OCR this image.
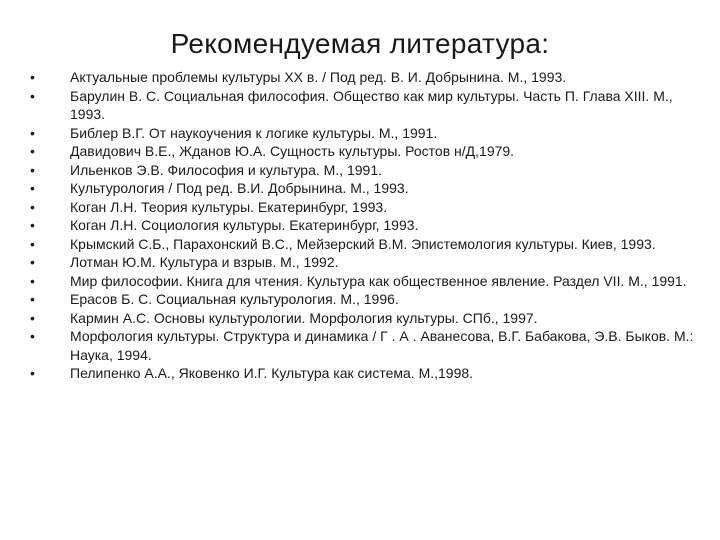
Рекомендуемая литература:
• Актуальные проблемы культуры XX в. / Под ред. В. И. Добрынина. М., 1993.
• Барулин В. С. Социальная философия. Общество как мир культуры. Часть П. Глава XIII. М., 1993.
• Библер В.Г. От наукоучения к логике культуры. М., 1991.
• Давидович В.Е., Жданов Ю.А. Сущность культуры. Ростов н/Д,1979.
• Ильенков Э.В. Философия и культура. М., 1991.
• Культурология / Под ред. В.И. Добрынина. М., 1993.
• Коган Л.Н. Теория культуры. Екатеринбург, 1993.
• Коган Л.Н. Социология культуры. Екатеринбург, 1993.
• Крымский С.Б., Парахонский В.С., Мейзерский В.М. Эпистемология культуры. Киев, 1993.
• Лотман Ю.М. Культура и взрыв. М., 1992.
• Мир философии. Книга для чтения. Культура как общественное явление. Раздел VII. М., 1991.
• Ерасов Б. С. Социальная культурология. М., 1996.
• Кармин А.С. Основы культурологии. Морфология культуры. СПб., 1997.
• Морфология культуры. Структура и динамика / Г . А . Аванесова, В.Г. Бабакова, Э.В. Быков. М.: Наука, 1994.
• Пелипенко А.А., Яковенко И.Г. Культура как система. М.,1998.
